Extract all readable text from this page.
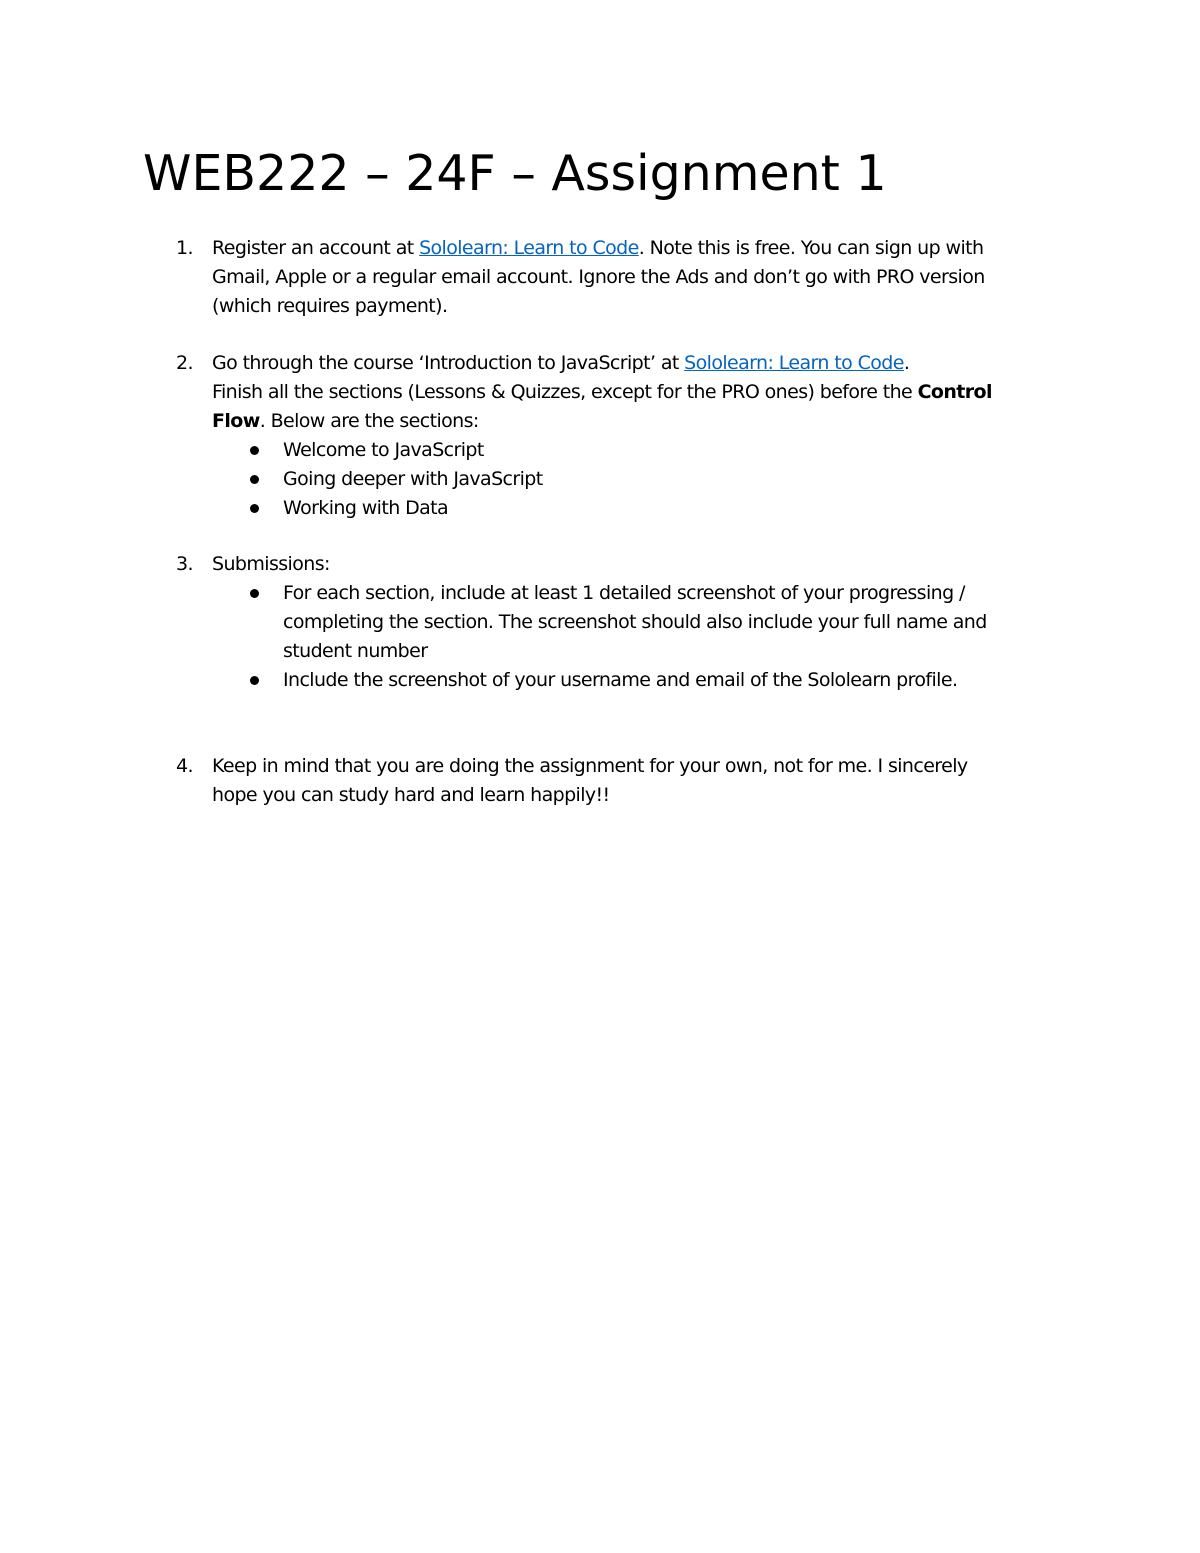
WEB222 – 24F – Assignment 1
1. Register an account at Sololearn: Learn to Code. Note this is free. You can sign up with
Gmail, Apple or a regular email account. Ignore the Ads and don’t go with PRO version
(which requires payment).
2. Go through the course ‘Introduction to JavaScript’ at Sololearn: Learn to Code.
Finish all the sections (Lessons & Quizzes, except for the PRO ones) before the Control
Flow. Below are the sections:
Welcome to JavaScript
Going deeper with JavaScript
Working with Data
3. Submissions:
For each section, include at least 1 detailed screenshot of your progressing /
completing the section. The screenshot should also include your full name and
student number
Include the screenshot of your username and email of the Sololearn profile.
4. Keep in mind that you are doing the assignment for your own, not for me. I sincerely
hope you can study hard and learn happily!!
